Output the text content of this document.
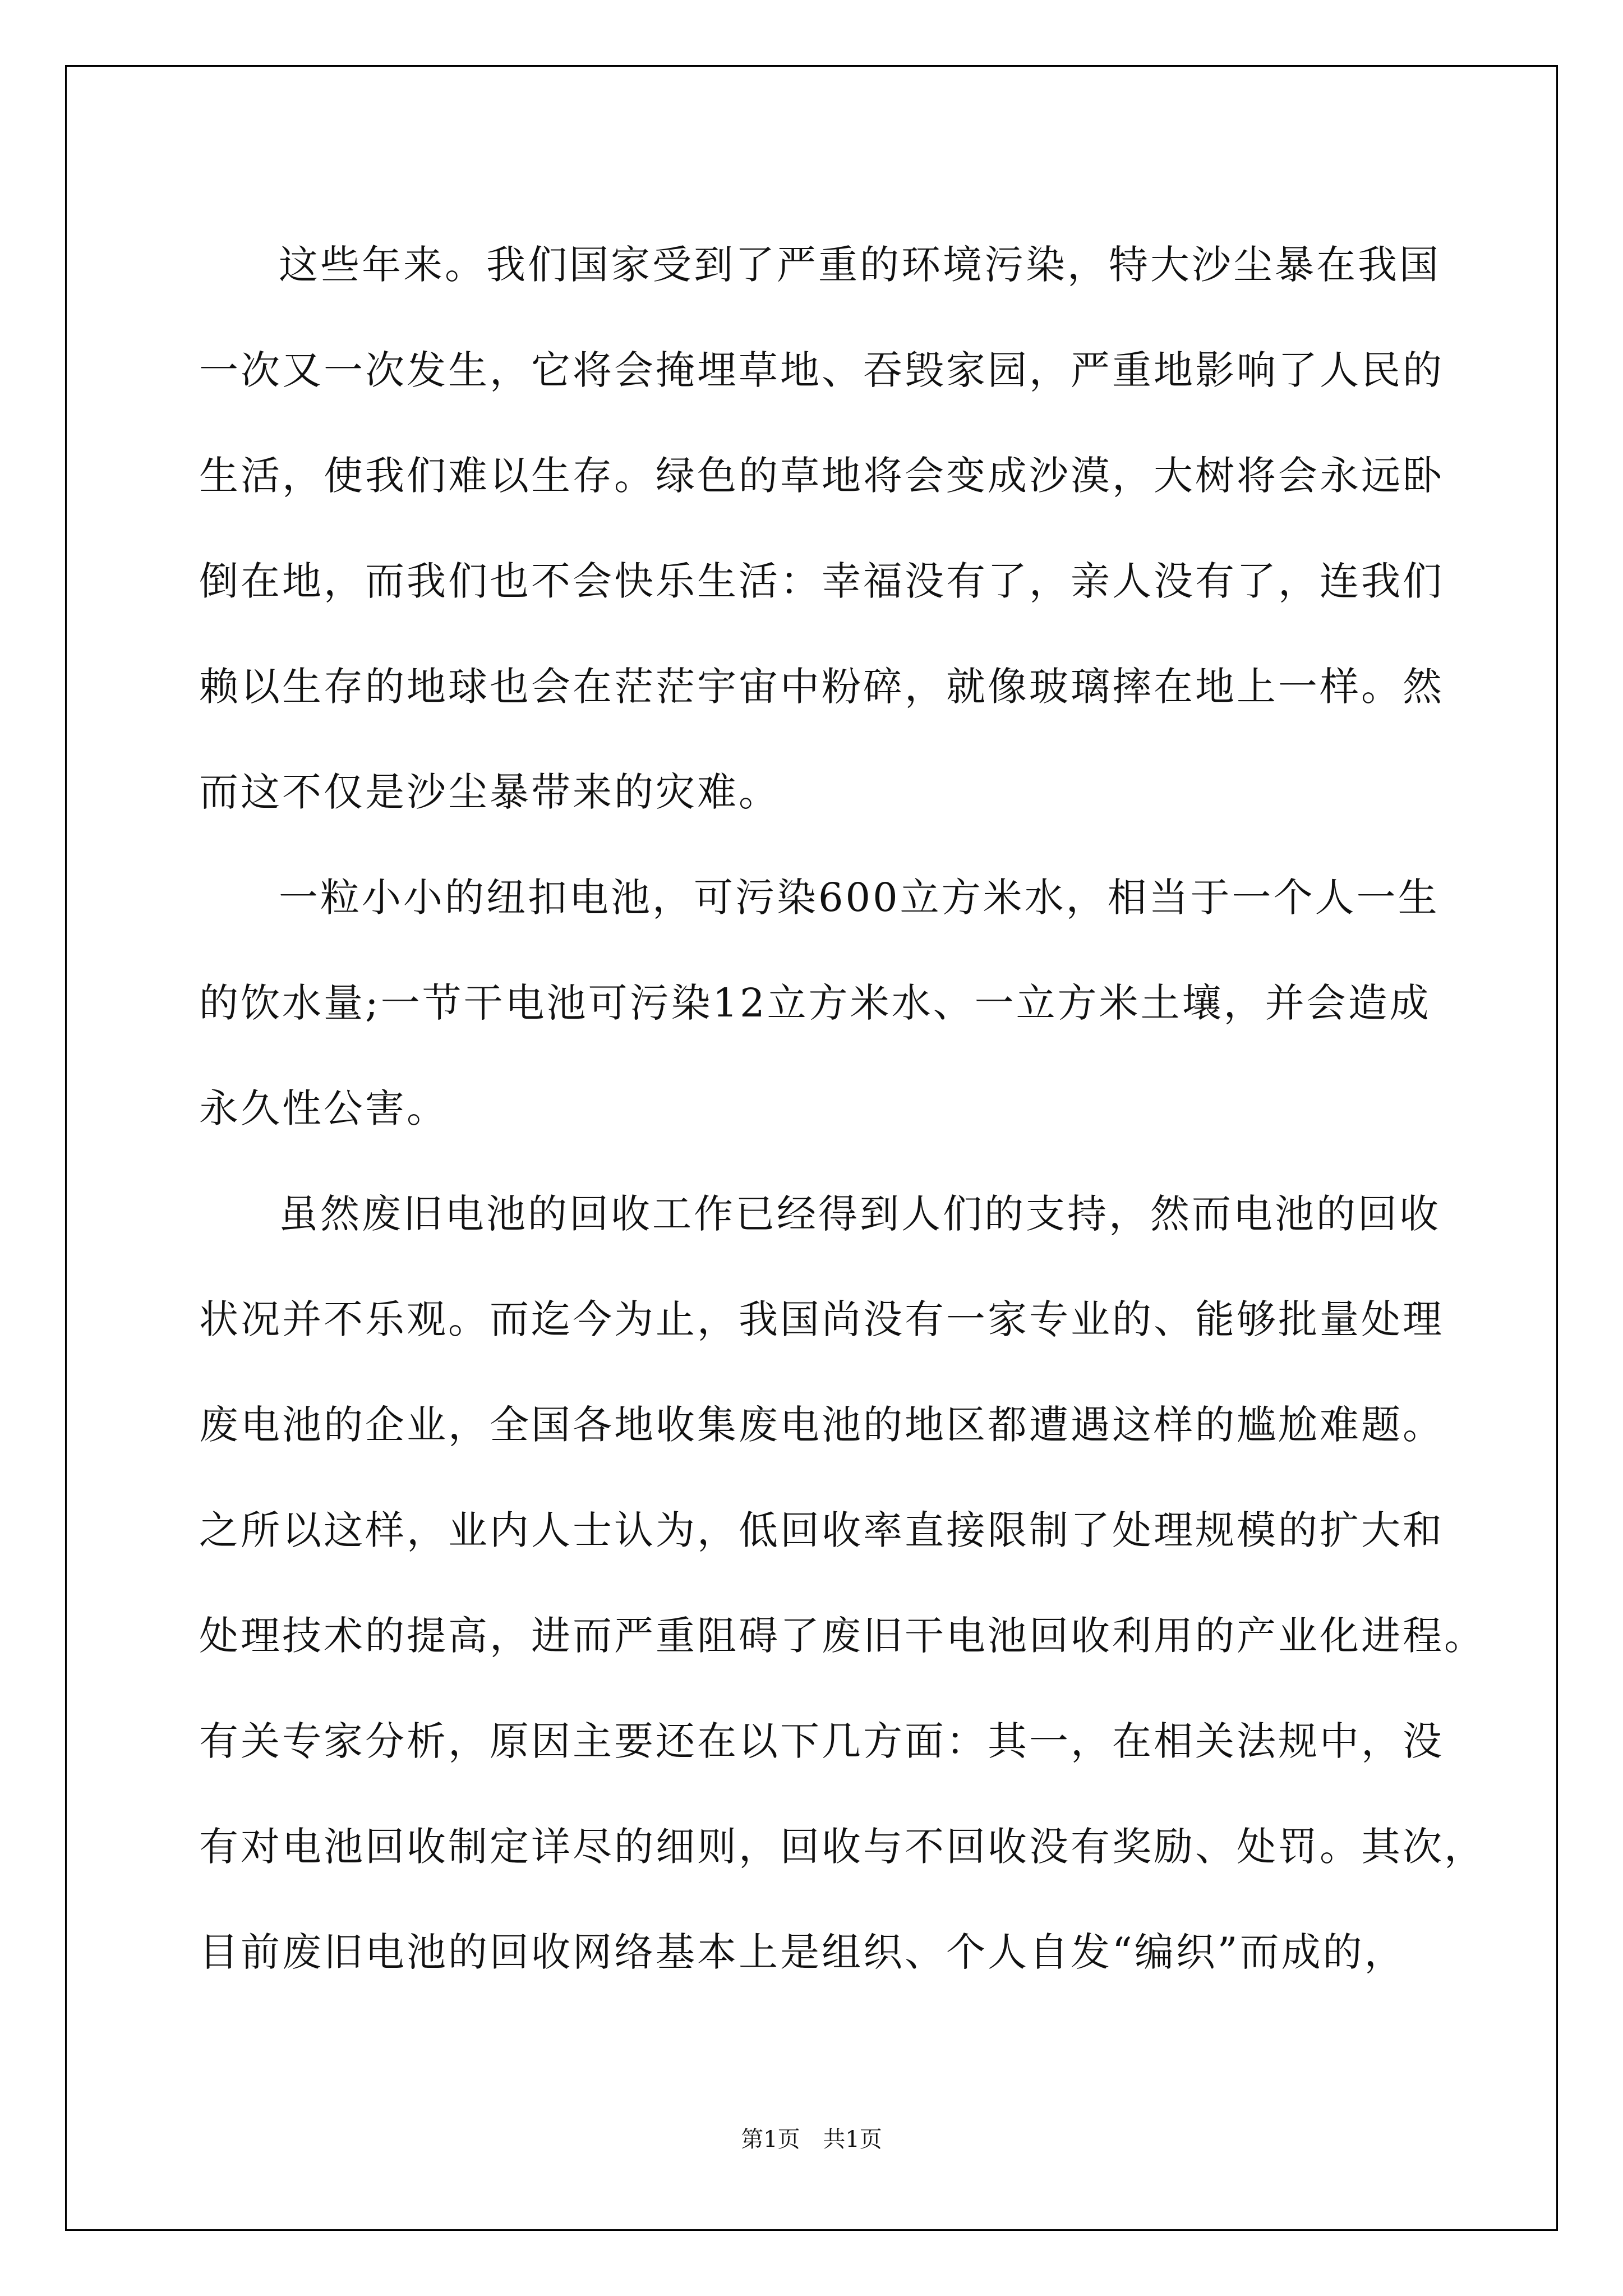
这些年来。我们国家受到了严重的环境污染，特大沙尘暴在我国
一次又一次发生，它将会掩埋草地、吞毁家园，严重地影响了人民的
生活，使我们难以生存。绿色的草地将会变成沙漠，大树将会永远卧
倒在地，而我们也不会快乐生活：幸福没有了，亲人没有了，连我们
赖以生存的地球也会在茫茫宇宙中粉碎，就像玻璃摔在地上一样。然
而这不仅是沙尘暴带来的灾难。
一粒小小的纽扣电池，可污染600立方米水，相当于一个人一生
的饮水量;一节干电池可污染12立方米水、一立方米土壤，并会造成
永久性公害。
虽然废旧电池的回收工作已经得到人们的支持，然而电池的回收
状况并不乐观。而迄今为止，我国尚没有一家专业的、能够批量处理
废电池的企业，全国各地收集废电池的地区都遭遇这样的尴尬难题。
之所以这样，业内人士认为，低回收率直接限制了处理规模的扩大和
处理技术的提高，进而严重阻碍了废旧干电池回收利用的产业化进程。
有关专家分析，原因主要还在以下几方面：其一，在相关法规中，没
有对电池回收制定详尽的细则，回收与不回收没有奖励、处罚。其次，
目前废旧电池的回收网络基本上是组织、个人自发“编织”而成的，
第1页 共1页
